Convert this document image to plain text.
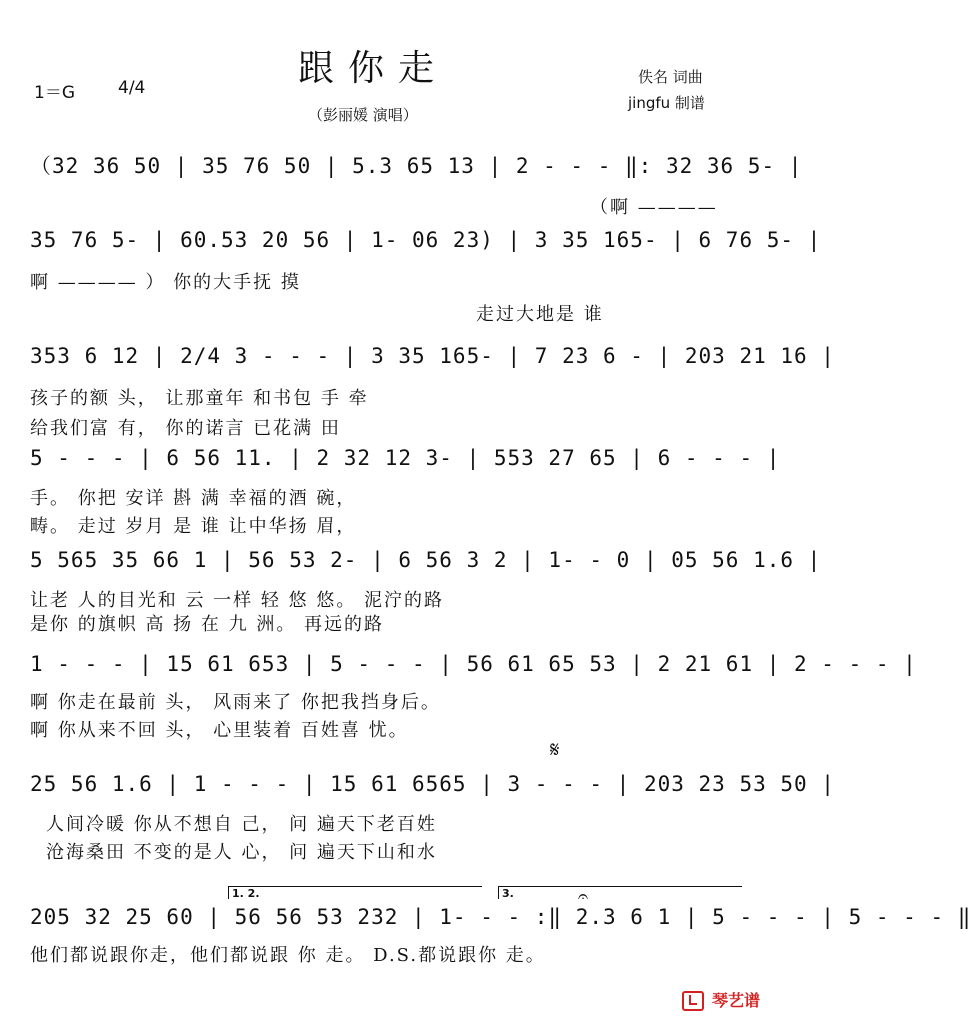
跟你走
1＝G	4/4
（彭丽媛 演唱）
佚名 词曲
jingfu 制谱
（32 36 50 | 35 76 50 | 5.3 65 13 | 2 - - - ‖: 32 36 5- |
（啊 ————
35 76 5- | 60.53 20 56 | 1- 06 23) | 3 35 165- | 6 76 5- |
啊 ———— ） 你的大手抚 摸
走过大地是 谁
353 6 12 | 2/4 3 - - - | 3 35 165- | 7 23 6 - | 203 21 16 |
孩子的额 头， 让那童年 和书包 手 牵
给我们富 有， 你的诺言 已花满 田
5 - - - | 6 56 11. | 2 32 12 3- | 553 27 65 | 6 - - - |
手。 你把 安详 斟 满 幸福的酒 碗，
畴。 走过 岁月 是 谁 让中华扬 眉，
5 565 35 66 1 | 56 53 2- | 6 56 3 2 | 1- - 0 | 05 56 1.6 |
让老 人的目光和 云 一样 轻 悠 悠。 泥泞的路
是你 的旗帜 高 扬 在 九 洲。 再远的路
1 - - - | 15 61 653 | 5 - - - | 56 61 65 53 | 2 21 61 | 2 - - - |
啊 你走在最前 头， 风雨来了 你把我挡身后。
啊 你从来不回 头， 心里装着 百姓喜 忧。
𝄋
25 56 1.6 | 1 - - - | 15 61 6565 | 3 - - - | 203 23 53 50 |
人间冷暖 你从不想自 己， 问 遍天下老百姓
沧海桑田 不变的是人 心， 问 遍天下山和水
1. 2.	3.	𝄐
205 32 25 60 | 56 56 53 232 | 1- - - :‖ 2.3 6 1 | 5 - - - | 5 - - - ‖
他们都说跟你走，他们都说跟 你 走。 D.S.都说跟你 走。
琴艺谱
